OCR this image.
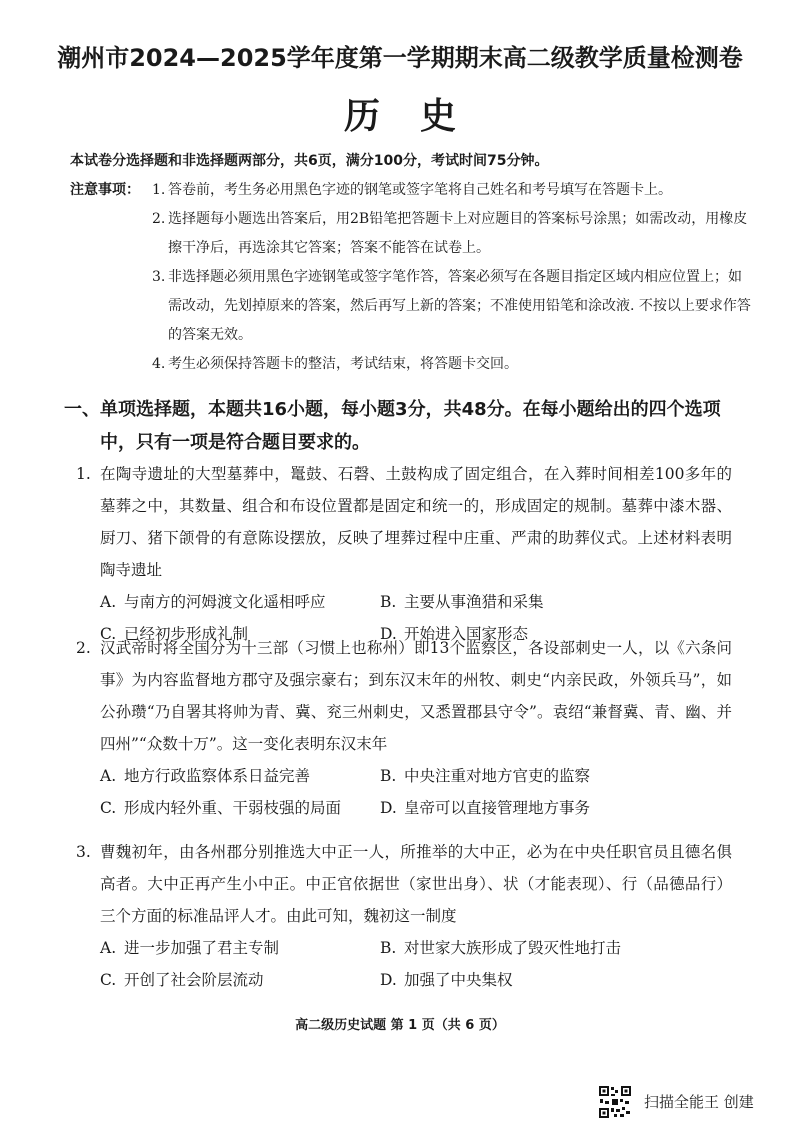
潮州市2024—2025学年度第一学期期末高二级教学质量检测卷
历 史
本试卷分选择题和非选择题两部分，共6页，满分100分，考试时间75分钟。
注意事项： 1. 答卷前，考生务必用黑色字迹的钢笔或签字笔将自己姓名和考号填写在答题卡上。
2. 选择题每小题选出答案后，用2B铅笔把答题卡上对应题目的答案标号涂黑；如需改动，用橡皮擦干净后，再选涂其它答案；答案不能答在试卷上。
3. 非选择题必须用黑色字迹钢笔或签字笔作答，答案必须写在各题目指定区域内相应位置上；如需改动，先划掉原来的答案，然后再写上新的答案；不准使用铅笔和涂改液. 不按以上要求作答的答案无效。
4. 考生必须保持答题卡的整洁，考试结束，将答题卡交回。
一、单项选择题，本题共16小题，每小题3分，共48分。在每小题给出的四个选项
中，只有一项是符合题目要求的。
1. 在陶寺遗址的大型墓葬中，鼍鼓、石磬、土鼓构成了固定组合，在入葬时间相差100多年的墓葬之中，其数量、组合和布设位置都是固定和统一的，形成固定的规制。墓葬中漆木器、厨刀、猪下颌骨的有意陈设摆放，反映了埋葬过程中庄重、严肃的助葬仪式。上述材料表明陶寺遗址
A. 与南方的河姆渡文化遥相呼应	B. 主要从事渔猎和采集
C. 已经初步形成礼制	D. 开始进入国家形态
2. 汉武帝时将全国分为十三部（习惯上也称州）即13个监察区，各设部刺史一人，以《六条问事》为内容监督地方郡守及强宗豪右；到东汉末年的州牧、刺史“内亲民政，外领兵马”，如公孙瓒“乃自署其将帅为青、冀、兖三州刺史，又悉置郡县守令”。袁绍“兼督冀、青、幽、并四州”“众数十万”。这一变化表明东汉末年
A. 地方行政监察体系日益完善	B. 中央注重对地方官吏的监察
C. 形成内轻外重、干弱枝强的局面	D. 皇帝可以直接管理地方事务
3. 曹魏初年，由各州郡分别推选大中正一人，所推举的大中正，必为在中央任职官员且德名俱高者。大中正再产生小中正。中正官依据世（家世出身）、状（才能表现）、行（品德品行）三个方面的标准品评人才。由此可知，魏初这一制度
A. 进一步加强了君主专制	B. 对世家大族形成了毁灭性地打击
C. 开创了社会阶层流动	D. 加强了中央集权
高二级历史试题 第 1 页（共 6 页）
扫描全能王 创建
